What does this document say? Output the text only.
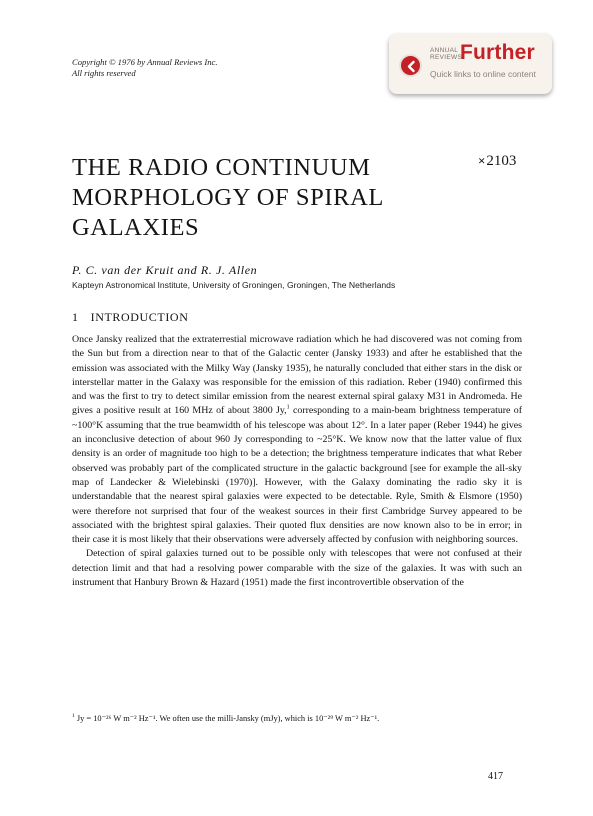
Copyright © 1976 by Annual Reviews Inc.
All rights reserved
ANNUAL
REVIEWS
Further
Quick links to online content
THE RADIO CONTINUUM MORPHOLOGY OF SPIRAL GALAXIES
×2103
P. C. van der Kruit and R. J. Allen
Kapteyn Astronomical Institute, University of Groningen, Groningen, The Netherlands
1 INTRODUCTION

Once Jansky realized that the extraterrestial microwave radiation which he had discovered was not coming from the Sun but from a direction near to that of the Galactic center (Jansky 1933) and after he established that the emission was associated with the Milky Way (Jansky 1935), he naturally concluded that either stars in the disk or interstellar matter in the Galaxy was responsible for the emission of this radiation. Reber (1940) confirmed this and was the first to try to detect similar emission from the nearest external spiral galaxy M31 in Andromeda. He gives a positive result at 160 MHz of about 3800 Jy,$^1$ corresponding to a main-beam brightness temperature of ~100°K assuming that the true beamwidth of his telescope was about 12°. In a later paper (Reber 1944) he gives an inconclusive detection of about 960 Jy corresponding to ~25°K. We know now that the latter value of flux density is an order of magnitude too high to be a detection; the brightness temperature indicates that what Reber observed was probably part of the complicated structure in the galactic background [see for example the all-sky map of Landecker & Wielebinski (1970)]. However, with the Galaxy dominating the radio sky it is understandable that the nearest spiral galaxies were expected to be detectable. Ryle, Smith & Elsmore (1950) were therefore not surprised that four of the weakest sources in their first Cambridge Survey appeared to be associated with the brightest spiral galaxies. Their quoted flux densities are now known also to be in error; in their case it is most likely that their observations were adversely affected by confusion with neighboring sources.

Detection of spiral galaxies turned out to be possible only with telescopes that were not confused at their detection limit and that had a resolving power comparable with the size of the galaxies. It was with such an instrument that Hanbury Brown & Hazard (1951) made the first incontrovertible observation of the

$^1$ Jy = 10⁻²⁶ W m⁻² Hz⁻¹. We often use the milli-Jansky (mJy), which is 10⁻²⁹ W m⁻² Hz⁻¹.
417
